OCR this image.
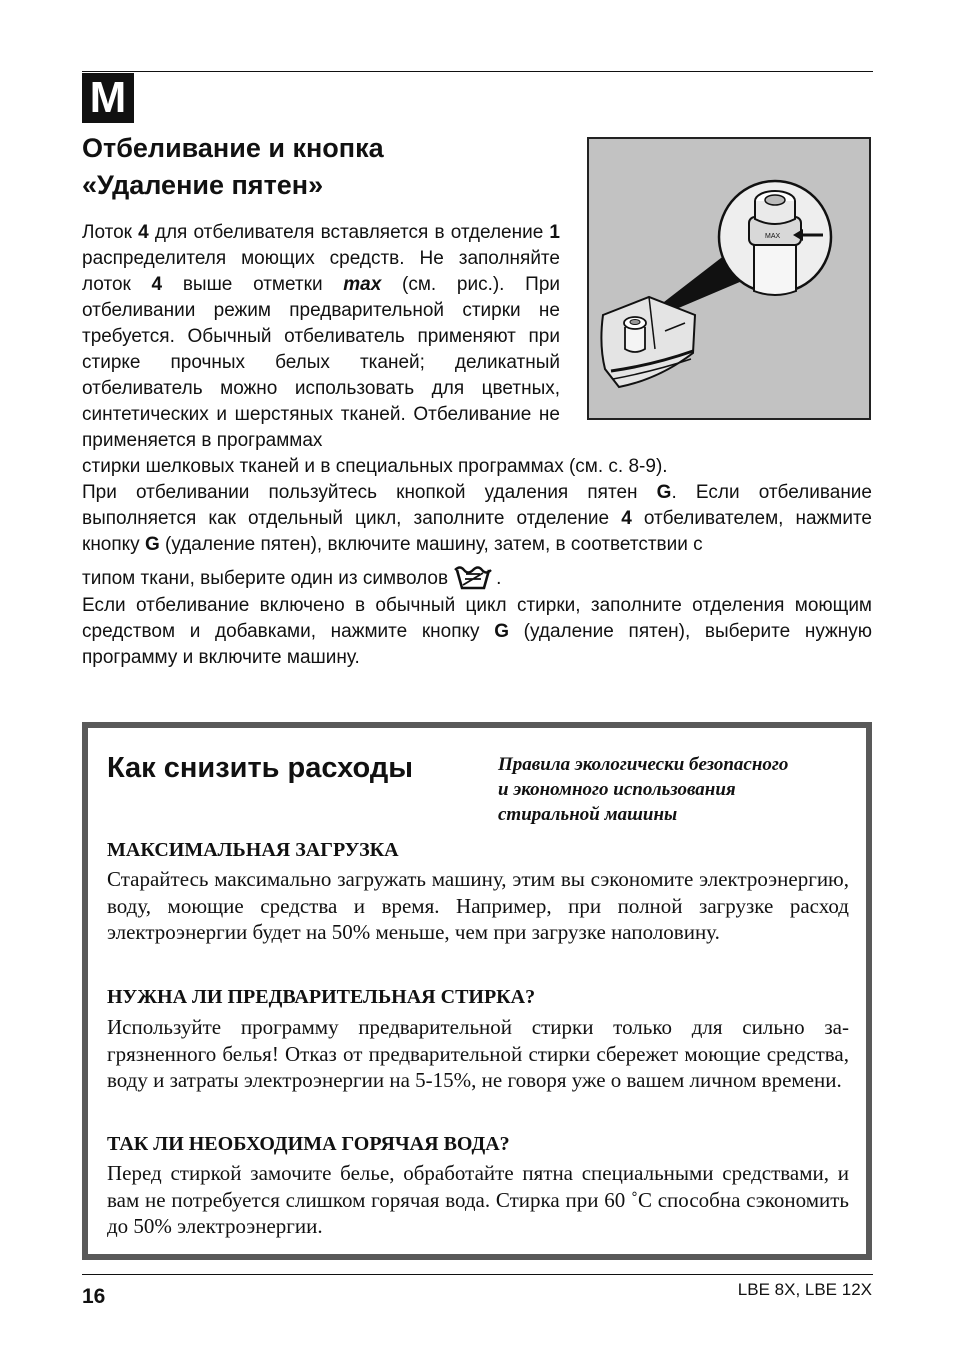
M
Отбеливание и кнопка
«Удаление пятен»
MAX

Лоток 4 для отбеливателя вставляется в отделение 1 распределителя моющих средств. Не заполняйте лоток 4 выше отметки max (см. рис.). При отбеливании режим предварительной стирки не требуется. Обычный отбеливатель применяют при стирке прочных белых тканей; деликатный отбеливатель можно использовать для цветных, синтетических и шерстяных тканей. Отбеливание не применяется в программах

стирки шелковых тканей и в специальных программах (см. с. 8-9).

При отбеливании пользуйтесь кнопкой удаления пятен G. Если отбеливание выполняется как отдельный цикл, заполните отделение 4 отбеливателем, нажмите кнопку G (удаление пятен), включите машину, затем, в соответствии с

типом ткани, выберите один из символов	.

Если отбеливание включено в обычный цикл стирки, заполните отделения моющим средством и добавками, нажмите кнопку G (удаление пятен), выберите нужную программу и включите машину.

Как снизить расходы	Правила экологически безопасного
и экономного использования
стиральной машины

МАКСИМАЛЬНАЯ ЗАГРУЗКА

Старайтесь максимально загружать машину, этим вы сэкономите электроэнергию, воду, моющие средства и время. Например, при полной загрузке расход электроэнергии будет на 50% меньше, чем при загрузке наполовину.

НУЖНА ЛИ ПРЕДВАРИТЕЛЬНАЯ СТИРКА?

Используйте программу предварительной стирки только для сильно загрязненного белья! Отказ от предварительной стирки сбережет моющие средства, воду и затраты электроэнергии на 5-15%, не говоря уже о вашем личном времени.

ТАК ЛИ НЕОБХОДИМА ГОРЯЧАЯ ВОДА?

Перед стиркой замочите белье, обработайте пятна специальными средствами, и вам не потребуется слишком горячая вода. Стирка при 60 ˚С способна сэкономить до 50% электроэнергии.

16	LBE 8X, LBE 12X
